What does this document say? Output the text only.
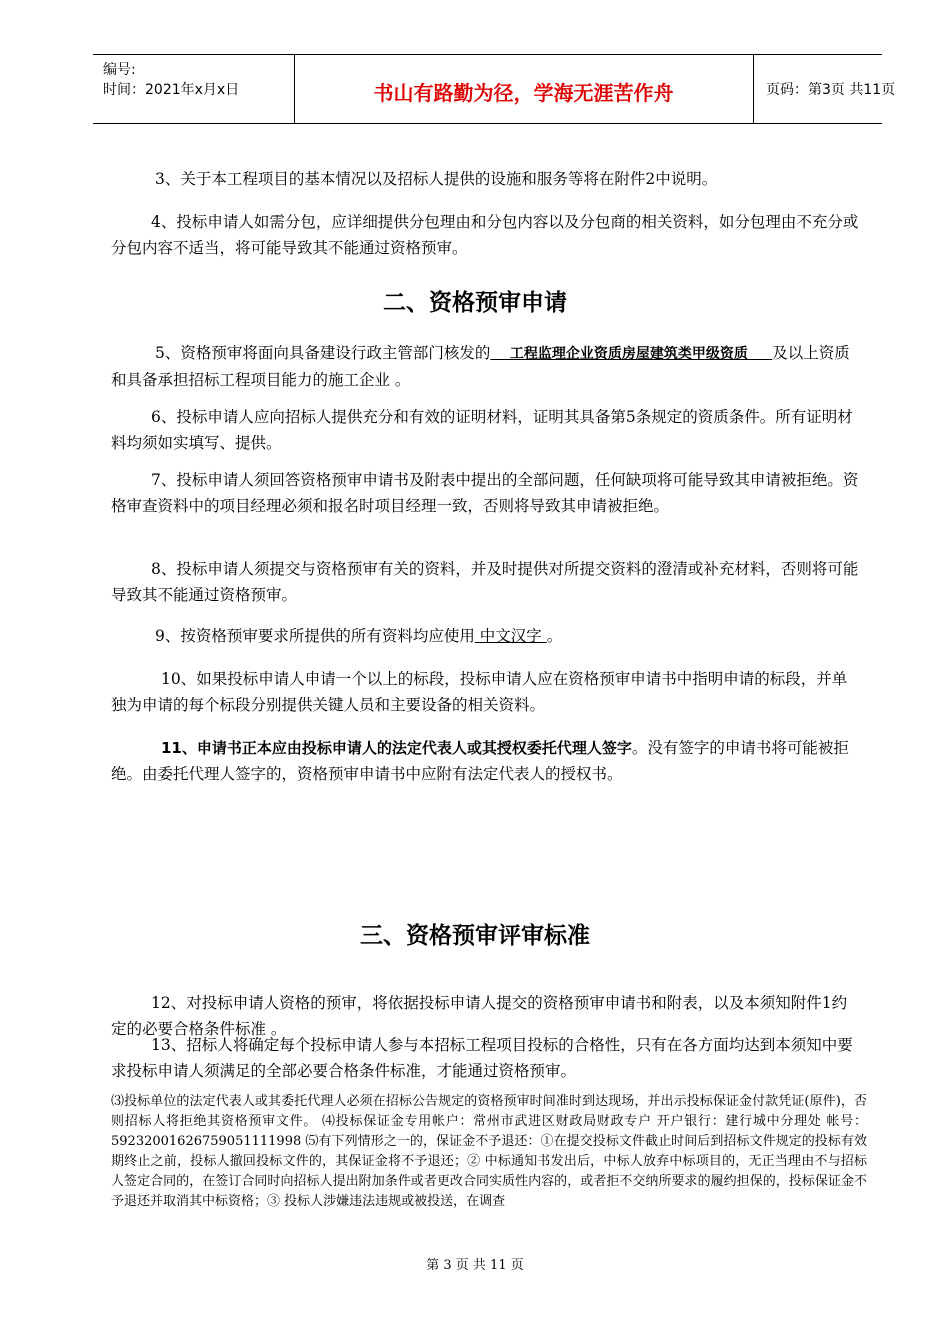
编号:
时间：2021年x月x日	书山有路勤为径，学海无涯苦作舟	页码：第3页 共11页

3、关于本工程项目的基本情况以及招标人提供的设施和服务等将在附件2中说明。

4、投标申请人如需分包，应详细提供分包理由和分包内容以及分包商的相关资料，如分包理由不充分或分包内容不适当，将可能导致其不能通过资格预审。

二、资格预审申请

5、资格预审将面向具备建设行政主管部门核发的    工程监理企业资质房屋建筑类甲级资质     及以上资质和具备承担招标工程项目能力的施工企业 。

6、投标申请人应向招标人提供充分和有效的证明材料，证明其具备第5条规定的资质条件。所有证明材料均须如实填写、提供。

7、投标申请人须回答资格预审申请书及附表中提出的全部问题，任何缺项将可能导致其申请被拒绝。资格审查资料中的项目经理必须和报名时项目经理一致，否则将导致其申请被拒绝。

8、投标申请人须提交与资格预审有关的资料，并及时提供对所提交资料的澄清或补充材料，否则将可能导致其不能通过资格预审。

9、按资格预审要求所提供的所有资料均应使用 中文汉字 。

10、如果投标申请人申请一个以上的标段，投标申请人应在资格预审申请书中指明申请的标段，并单独为申请的每个标段分别提供关键人员和主要设备的相关资料。

11、申请书正本应由投标申请人的法定代表人或其授权委托代理人签字。没有签字的申请书将可能被拒绝。由委托代理人签字的，资格预审申请书中应附有法定代表人的授权书。

三、资格预审评审标准

12、对投标申请人资格的预审，将依据投标申请人提交的资格预审申请书和附表，以及本须知附件1约定的必要合格条件标准 。

13、招标人将确定每个投标申请人参与本招标工程项目投标的合格性，只有在各方面均达到本须知中要求投标申请人须满足的全部必要合格条件标准，才能通过资格预审。

⑶投标单位的法定代表人或其委托代理人必须在招标公告规定的资格预审时间准时到达现场，并出示投标保证金付款凭证(原件)，否则招标人将拒绝其资格预审文件。 ⑷投标保证金专用帐户：常州市武进区财政局财政专户 开户银行：建行城中分理处 帐号：59232001626759051111998 ⑸有下列情形之一的，保证金不予退还：①在提交投标文件截止时间后到招标文件规定的投标有效期终止之前，投标人撤回投标文件的，其保证金将不予退还；② 中标通知书发出后，中标人放弃中标项目的，无正当理由不与招标人签定合同的，在签订合同时向招标人提出附加条件或者更改合同实质性内容的，或者拒不交纳所要求的履约担保的，投标保证金不予退还并取消其中标资格；③ 投标人涉嫌违法违规或被投送，在调查

第 3 页 共 11 页
